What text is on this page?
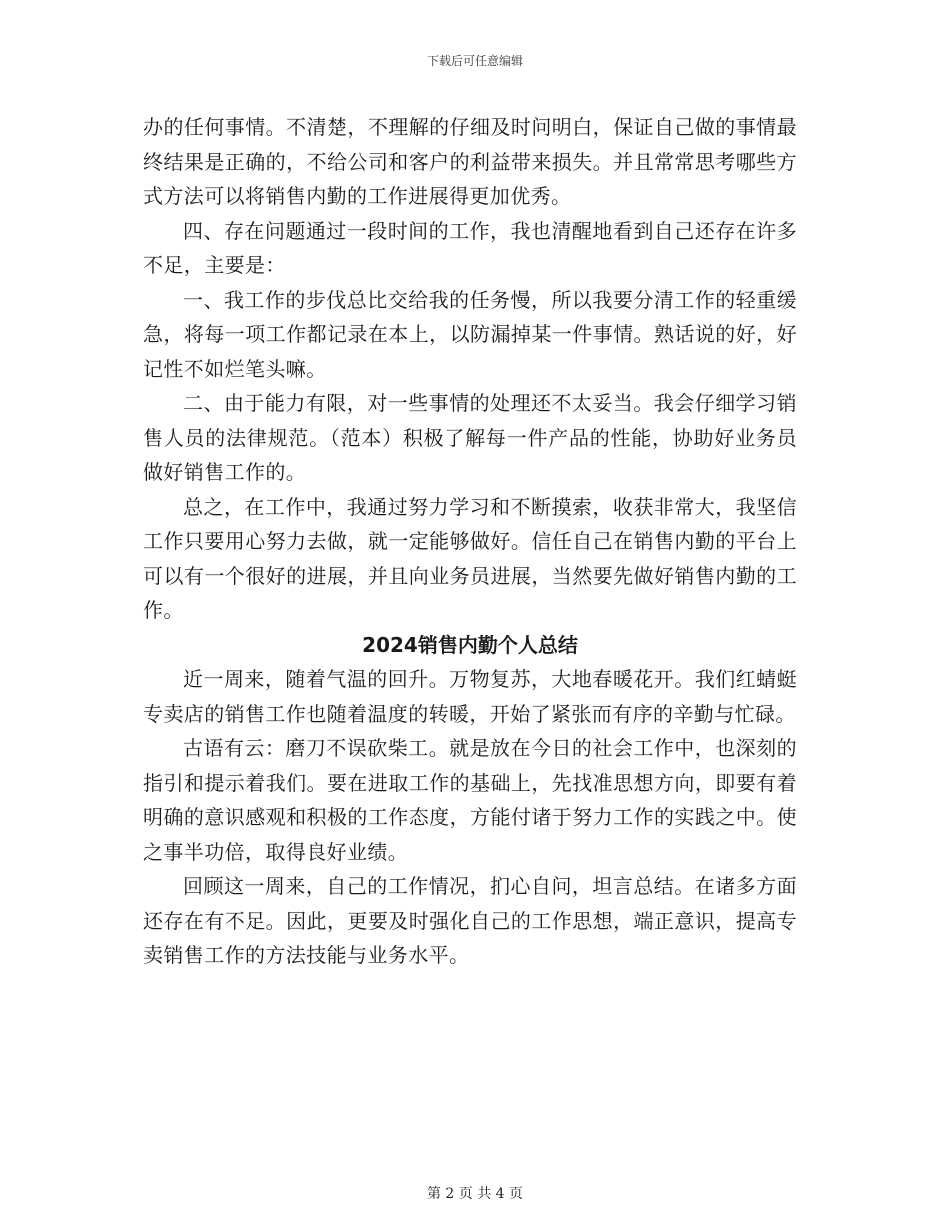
下载后可任意编辑

办的任何事情。不清楚，不理解的仔细及时问明白，保证自己做的事情最终结果是正确的，不给公司和客户的利益带来损失。并且常常思考哪些方式方法可以将销售内勤的工作进展得更加优秀。

四、存在问题通过一段时间的工作，我也清醒地看到自己还存在许多不足，主要是：

一、我工作的步伐总比交给我的任务慢，所以我要分清工作的轻重缓急，将每一项工作都记录在本上，以防漏掉某一件事情。熟话说的好，好记性不如烂笔头嘛。

二、由于能力有限，对一些事情的处理还不太妥当。我会仔细学习销售人员的法律规范。（范本）积极了解每一件产品的性能，协助好业务员做好销售工作的。

总之，在工作中，我通过努力学习和不断摸索，收获非常大，我坚信工作只要用心努力去做，就一定能够做好。信任自己在销售内勤的平台上可以有一个很好的进展，并且向业务员进展，当然要先做好销售内勤的工作。

2024销售内勤个人总结

近一周来，随着气温的回升。万物复苏，大地春暖花开。我们红蜻蜓专卖店的销售工作也随着温度的转暖，开始了紧张而有序的辛勤与忙碌。

古语有云：磨刀不误砍柴工。就是放在今日的社会工作中，也深刻的指引和提示着我们。要在进取工作的基础上，先找准思想方向，即要有着明确的意识感观和积极的工作态度，方能付诸于努力工作的实践之中。使之事半功倍，取得良好业绩。

回顾这一周来，自己的工作情况，扪心自问，坦言总结。在诸多方面还存在有不足。因此，更要及时强化自己的工作思想，端正意识，提高专卖销售工作的方法技能与业务水平。

第 2 页 共 4 页
